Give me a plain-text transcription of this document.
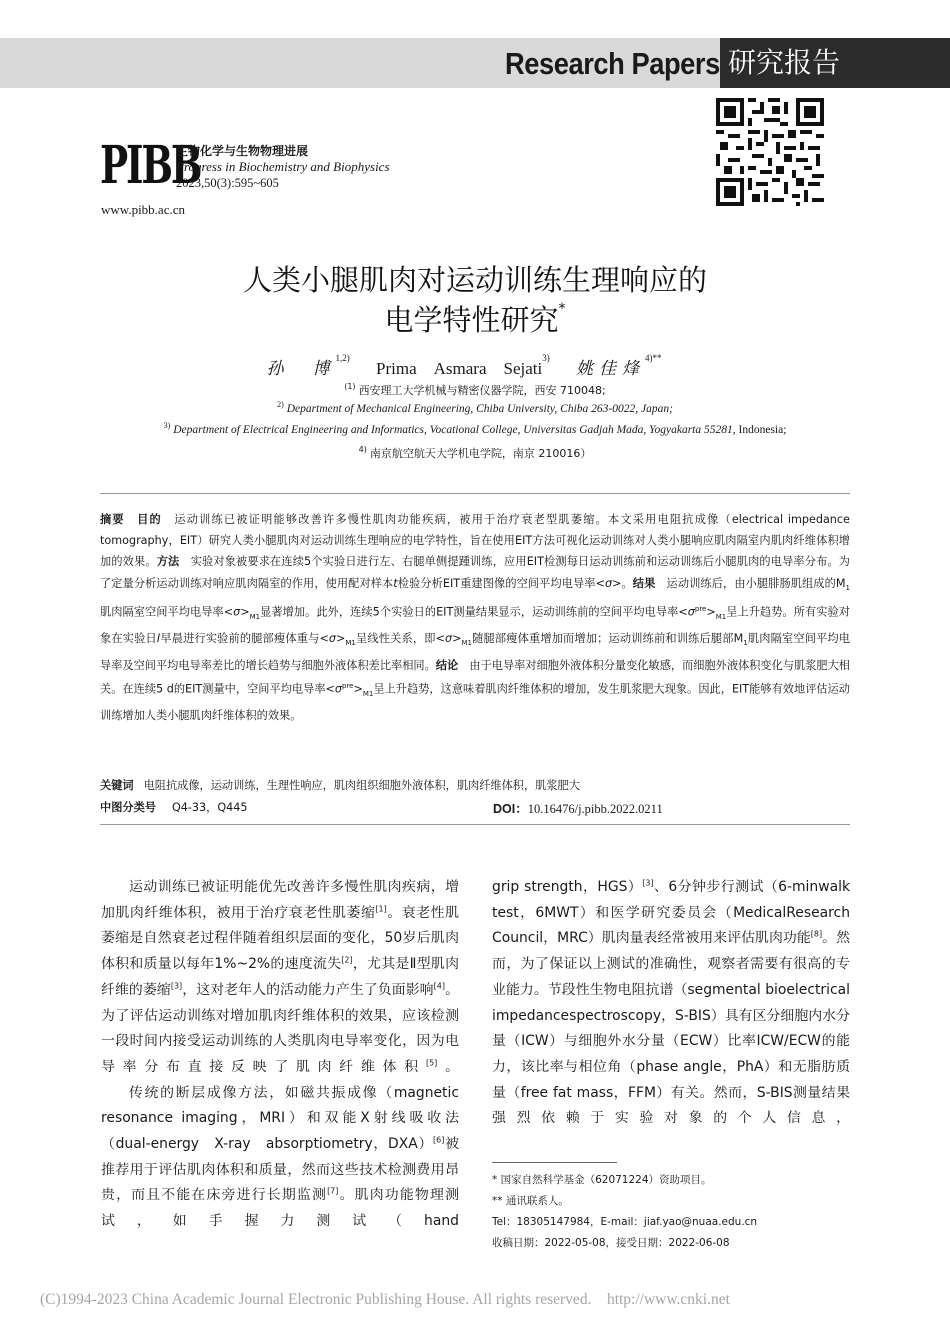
Research Papers 研究报告
PIBB
生物化学与生物物理进展
Progress in Biochemistry and Biophysics
2023,50(3):595~605
www.pibb.ac.cn
人类小腿肌肉对运动训练生理响应的
电学特性研究*
孙　博$^{1,2)}$ Prima　Asmara　Sejati$^{3)}$ 姚佳烽$^{4)**}$
$^{(1)}$ 西安理工大学机械与精密仪器学院，西安 710048;
$^{2)}$ Department of Mechanical Engineering, Chiba University, Chiba 263-0022, Japan;
$^{3)}$ Department of Electrical Engineering and Informatics, Vocational College, Universitas Gadjah Mada, Yogyakarta 55281, Indonesia;
$^{4)}$ 南京航空航天大学机电学院，南京 210016）
摘要　 目的　 运动训练已被证明能够改善许多慢性肌肉功能疾病，被用于治疗衰老型肌萎缩。本文采用电阻抗成像（electrical impedance tomography，EIT）研究人类小腿肌肉对运动训练生理响应的电学特性，旨在使用EIT方法可视化运动训练对人类小腿响应肌肉隔室内肌肉纤维体积增加的效果。方法　 实验对象被要求在连续5个实验日进行左、右腿单侧提踵训练，应用EIT检测每日运动训练前和运动训练后小腿肌肉的电导率分布。为了定量分析运动训练对响应肌肉隔室的作用，使用配对样本t检验分析EIT重建图像的空间平均电导率<σ>。结果　 运动训练后，由小腿腓肠肌组成的$M_1$肌肉隔室空间平均电导率$<\sigma>_{M1}$显著增加。此外，连续5个实验日的EIT测量结果显示，运动训练前的空间平均电导率$<\sigma^{pre}>_{M1}$呈上升趋势。所有实验对象在实验日I早晨进行实验前的腿部瘦体重与$<\sigma>_{M1}$呈线性关系，即$<\sigma>_{M1}$随腿部瘦体重增加而增加；运动训练前和训练后腿部$M_1$肌肉隔室空间平均电导率及空间平均电导率差比的增长趋势与细胞外液体积差比率相同。结论　 由于电导率对细胞外液体积分量变化敏感，而细胞外液体积变化与肌浆肥大相关。在连续5 d的EIT测量中，空间平均电导率$<\sigma^{pre}>_{M1}$呈上升趋势，这意味着肌肉纤维体积的增加，发生肌浆肥大现象。因此，EIT能够有效地评估运动训练增加人类小腿肌肉纤维体积的效果。
关键词 电阻抗成像，运动训练，生理性响应，肌肉组织细胞外液体积，肌肉纤维体积，肌浆肥大
中图分类号 Q4-33，Q445	DOI：10.16476/j.pibb.2022.0211

运动训练已被证明能优先改善许多慢性肌肉疾病，增加肌肉纤维体积，被用于治疗衰老性肌萎缩[1]。衰老性肌萎缩是自然衰老过程伴随着组织层面的变化，50岁后肌肉体积和质量以每年1%~2%的速度流失[2]，尤其是Ⅱ型肌肉纤维的萎缩[3]，这对老年人的活动能力产生了负面影响[4]。为了评估运动训练对增加肌肉纤维体积的效果，应该检测一段时间内接受运动训练的人类肌肉电导率变化，因为电导率分布直接反映了肌肉纤维体积[5]。

传统的断层成像方法，如磁共振成像（magnetic resonance imaging，MRI）和双能X射线吸收法　（dual-energy　X-ray　absorptiometry，DXA）[6]被推荐用于评估肌肉体积和质量，然而这些技术检测费用昂贵，而且不能在床旁进行长期监测[7]。肌肉功能物理测试，如手握力测试（hand

grip strength，HGS）[3]、6分钟步行测试（6-minwalk test，6MWT）和医学研究委员会（MedicalResearch Council，MRC）肌肉量表经常被用来评估肌肉功能[8]。然而，为了保证以上测试的准确性，观察者需要有很高的专业能力。节段性生物电阻抗谱（segmental bioelectrical impedancespectroscopy，S-BIS）具有区分细胞内水分量（ICW）与细胞外水分量（ECW）比率ICW/ECW的能力，该比率与相位角（phase angle，PhA）和无脂肪质量（free fat mass，FFM）有关。然而，S-BIS测量结果强烈依赖于实验对象的个人信息，

* 国家自然科学基金（62071224）资助项目。
** 通讯联系人。
Tel：18305147984，E-mail：jiaf.yao@nuaa.edu.cn
收稿日期：2022-05-08，接受日期：2022-06-08
(C)1994-2023 China Academic Journal Electronic Publishing House. All rights reserved.　http://www.cnki.net
